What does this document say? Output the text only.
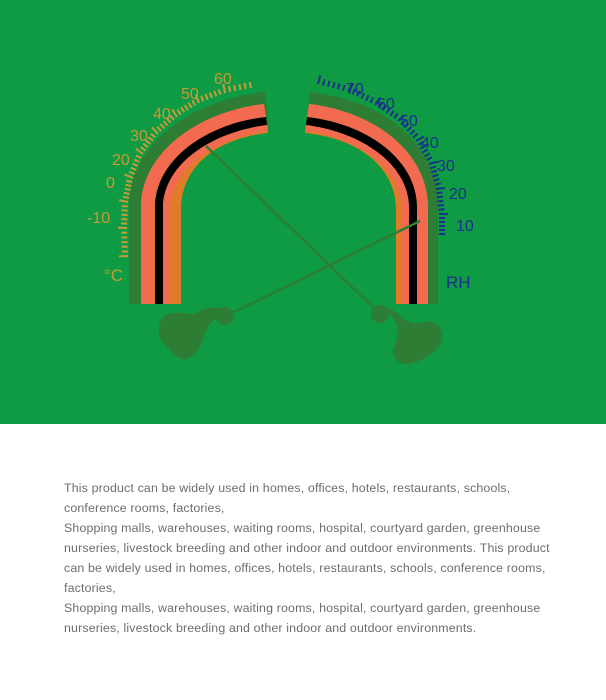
-10
0
20
30
40
50
60
°C
10
20
30
40
50
60
70
RH

This product can be widely used in homes, offices, hotels, restaurants, schools, conference rooms, factories,

Shopping malls, warehouses, waiting rooms, hospital, courtyard garden, greenhouse nurseries, livestock breeding and other indoor and outdoor environments. This product can be widely used in homes, offices, hotels, restaurants, schools, conference rooms, factories,

Shopping malls, warehouses, waiting rooms, hospital, courtyard garden, greenhouse nurseries, livestock breeding and other indoor and outdoor environments.
